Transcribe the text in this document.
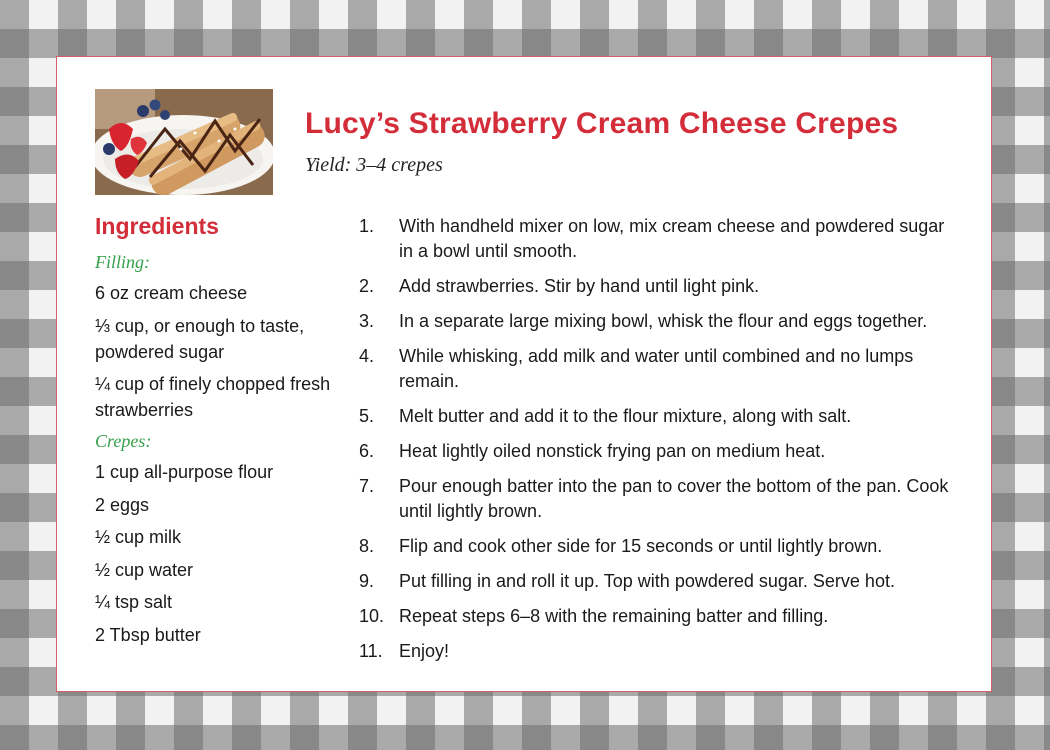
Lucy’s Strawberry Cream Cheese Crepes
Yield: 3–4 crepes
Ingredients
Filling:
6 oz cream cheese
⅓ cup, or enough to taste, powdered sugar
¼ cup of finely chopped fresh strawberries
Crepes:
1 cup all-purpose flour
2 eggs
½ cup milk
½ cup water
¼ tsp salt
2 Tbsp butter
1. With handheld mixer on low, mix cream cheese and powdered sugar in a bowl until smooth.
2. Add strawberries. Stir by hand until light pink.
3. In a separate large mixing bowl, whisk the flour and eggs together.
4. While whisking, add milk and water until combined and no lumps remain.
5. Melt butter and add it to the flour mixture, along with salt.
6. Heat lightly oiled nonstick frying pan on medium heat.
7. Pour enough batter into the pan to cover the bottom of the pan. Cook until lightly brown.
8. Flip and cook other side for 15 seconds or until lightly brown.
9. Put filling in and roll it up. Top with powdered sugar. Serve hot.
10. Repeat steps 6–8 with the remaining batter and filling.
11. Enjoy!
